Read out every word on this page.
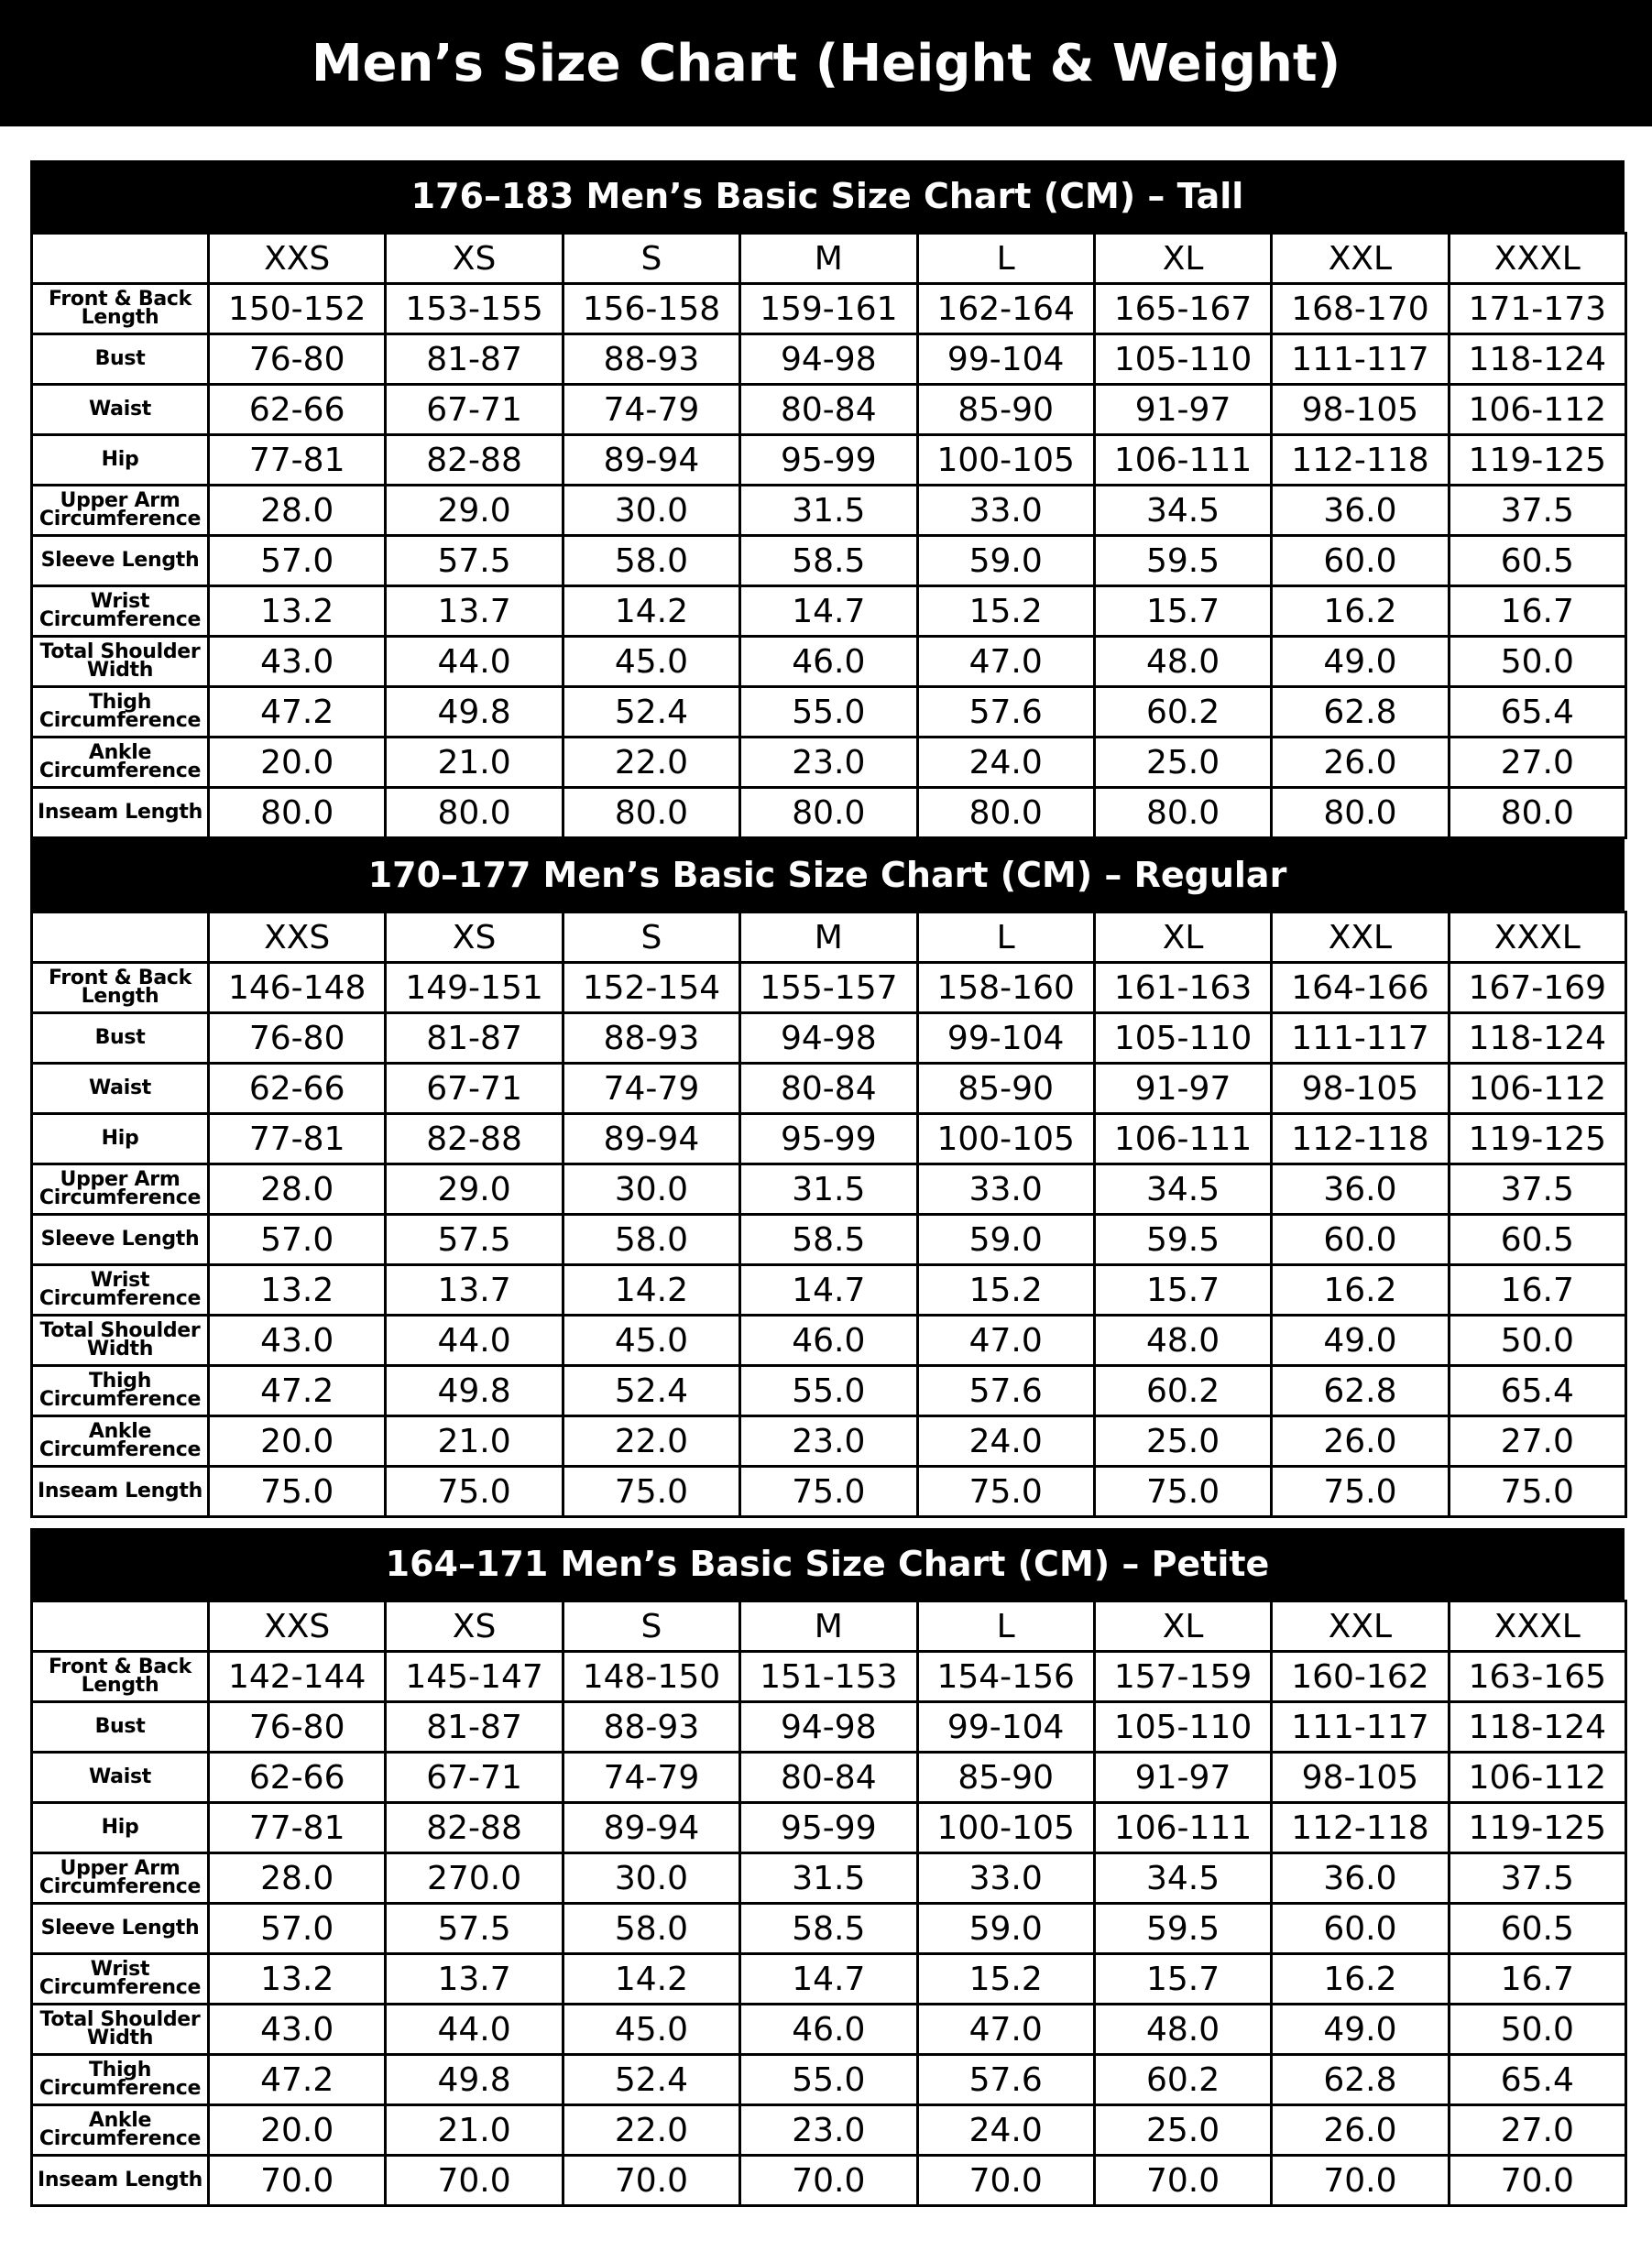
Men’s Size Chart (Height & Weight)
176–183 Men’s Basic Size Chart (CM) – Tall
	XXS	XS	S	M	L	XL	XXL	XXXL
Front & Back Length	150-152	153-155	156-158	159-161	162-164	165-167	168-170	171-173
Bust	76-80	81-87	88-93	94-98	99-104	105-110	111-117	118-124
Waist	62-66	67-71	74-79	80-84	85-90	91-97	98-105	106-112
Hip	77-81	82-88	89-94	95-99	100-105	106-111	112-118	119-125
Upper Arm Circumference	28.0	29.0	30.0	31.5	33.0	34.5	36.0	37.5
Sleeve Length	57.0	57.5	58.0	58.5	59.0	59.5	60.0	60.5
Wrist Circumference	13.2	13.7	14.2	14.7	15.2	15.7	16.2	16.7
Total Shoulder Width	43.0	44.0	45.0	46.0	47.0	48.0	49.0	50.0
Thigh Circumference	47.2	49.8	52.4	55.0	57.6	60.2	62.8	65.4
Ankle Circumference	20.0	21.0	22.0	23.0	24.0	25.0	26.0	27.0
Inseam Length	80.0	80.0	80.0	80.0	80.0	80.0	80.0	80.0
170–177 Men’s Basic Size Chart (CM) – Regular
	XXS	XS	S	M	L	XL	XXL	XXXL
Front & Back Length	146-148	149-151	152-154	155-157	158-160	161-163	164-166	167-169
Bust	76-80	81-87	88-93	94-98	99-104	105-110	111-117	118-124
Waist	62-66	67-71	74-79	80-84	85-90	91-97	98-105	106-112
Hip	77-81	82-88	89-94	95-99	100-105	106-111	112-118	119-125
Upper Arm Circumference	28.0	29.0	30.0	31.5	33.0	34.5	36.0	37.5
Sleeve Length	57.0	57.5	58.0	58.5	59.0	59.5	60.0	60.5
Wrist Circumference	13.2	13.7	14.2	14.7	15.2	15.7	16.2	16.7
Total Shoulder Width	43.0	44.0	45.0	46.0	47.0	48.0	49.0	50.0
Thigh Circumference	47.2	49.8	52.4	55.0	57.6	60.2	62.8	65.4
Ankle Circumference	20.0	21.0	22.0	23.0	24.0	25.0	26.0	27.0
Inseam Length	75.0	75.0	75.0	75.0	75.0	75.0	75.0	75.0
164–171 Men’s Basic Size Chart (CM) – Petite
	XXS	XS	S	M	L	XL	XXL	XXXL
Front & Back Length	142-144	145-147	148-150	151-153	154-156	157-159	160-162	163-165
Bust	76-80	81-87	88-93	94-98	99-104	105-110	111-117	118-124
Waist	62-66	67-71	74-79	80-84	85-90	91-97	98-105	106-112
Hip	77-81	82-88	89-94	95-99	100-105	106-111	112-118	119-125
Upper Arm Circumference	28.0	270.0	30.0	31.5	33.0	34.5	36.0	37.5
Sleeve Length	57.0	57.5	58.0	58.5	59.0	59.5	60.0	60.5
Wrist Circumference	13.2	13.7	14.2	14.7	15.2	15.7	16.2	16.7
Total Shoulder Width	43.0	44.0	45.0	46.0	47.0	48.0	49.0	50.0
Thigh Circumference	47.2	49.8	52.4	55.0	57.6	60.2	62.8	65.4
Ankle Circumference	20.0	21.0	22.0	23.0	24.0	25.0	26.0	27.0
Inseam Length	70.0	70.0	70.0	70.0	70.0	70.0	70.0	70.0
